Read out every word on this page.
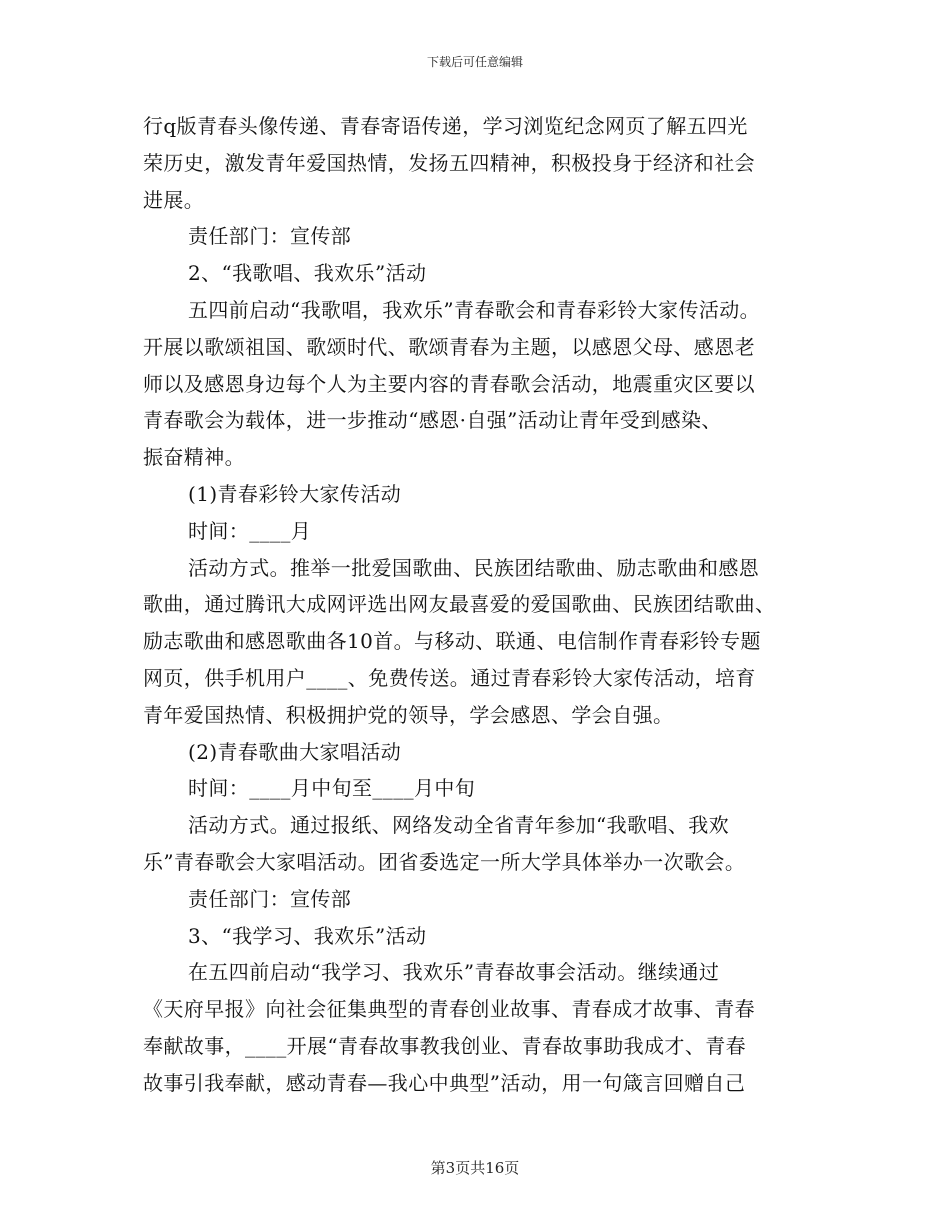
下载后可任意编辑
行q版青春头像传递、青春寄语传递，学习浏览纪念网页了解五四光
荣历史，激发青年爱国热情，发扬五四精神，积极投身于经济和社会
进展。
责任部门：宣传部
2、“我歌唱、我欢乐”活动
五四前启动“我歌唱，我欢乐”青春歌会和青春彩铃大家传活动。
开展以歌颂祖国、歌颂时代、歌颂青春为主题，以感恩父母、感恩老
师以及感恩身边每个人为主要内容的青春歌会活动，地震重灾区要以
青春歌会为载体，进一步推动“感恩·自强”活动让青年受到感染、
振奋精神。
(1)青春彩铃大家传活动
时间：____月
活动方式。推举一批爱国歌曲、民族团结歌曲、励志歌曲和感恩
歌曲，通过腾讯大成网评选出网友最喜爱的爱国歌曲、民族团结歌曲、
励志歌曲和感恩歌曲各10首。与移动、联通、电信制作青春彩铃专题
网页，供手机用户____、免费传送。通过青春彩铃大家传活动，培育
青年爱国热情、积极拥护党的领导，学会感恩、学会自强。
(2)青春歌曲大家唱活动
时间：____月中旬至____月中旬
活动方式。通过报纸、网络发动全省青年参加“我歌唱、我欢
乐”青春歌会大家唱活动。团省委选定一所大学具体举办一次歌会。
责任部门：宣传部
3、“我学习、我欢乐”活动
在五四前启动“我学习、我欢乐”青春故事会活动。继续通过
《天府早报》向社会征集典型的青春创业故事、青春成才故事、青春
奉献故事，____开展“青春故事教我创业、青春故事助我成才、青春
故事引我奉献，感动青春—我心中典型”活动，用一句箴言回赠自己
第3页共16页
